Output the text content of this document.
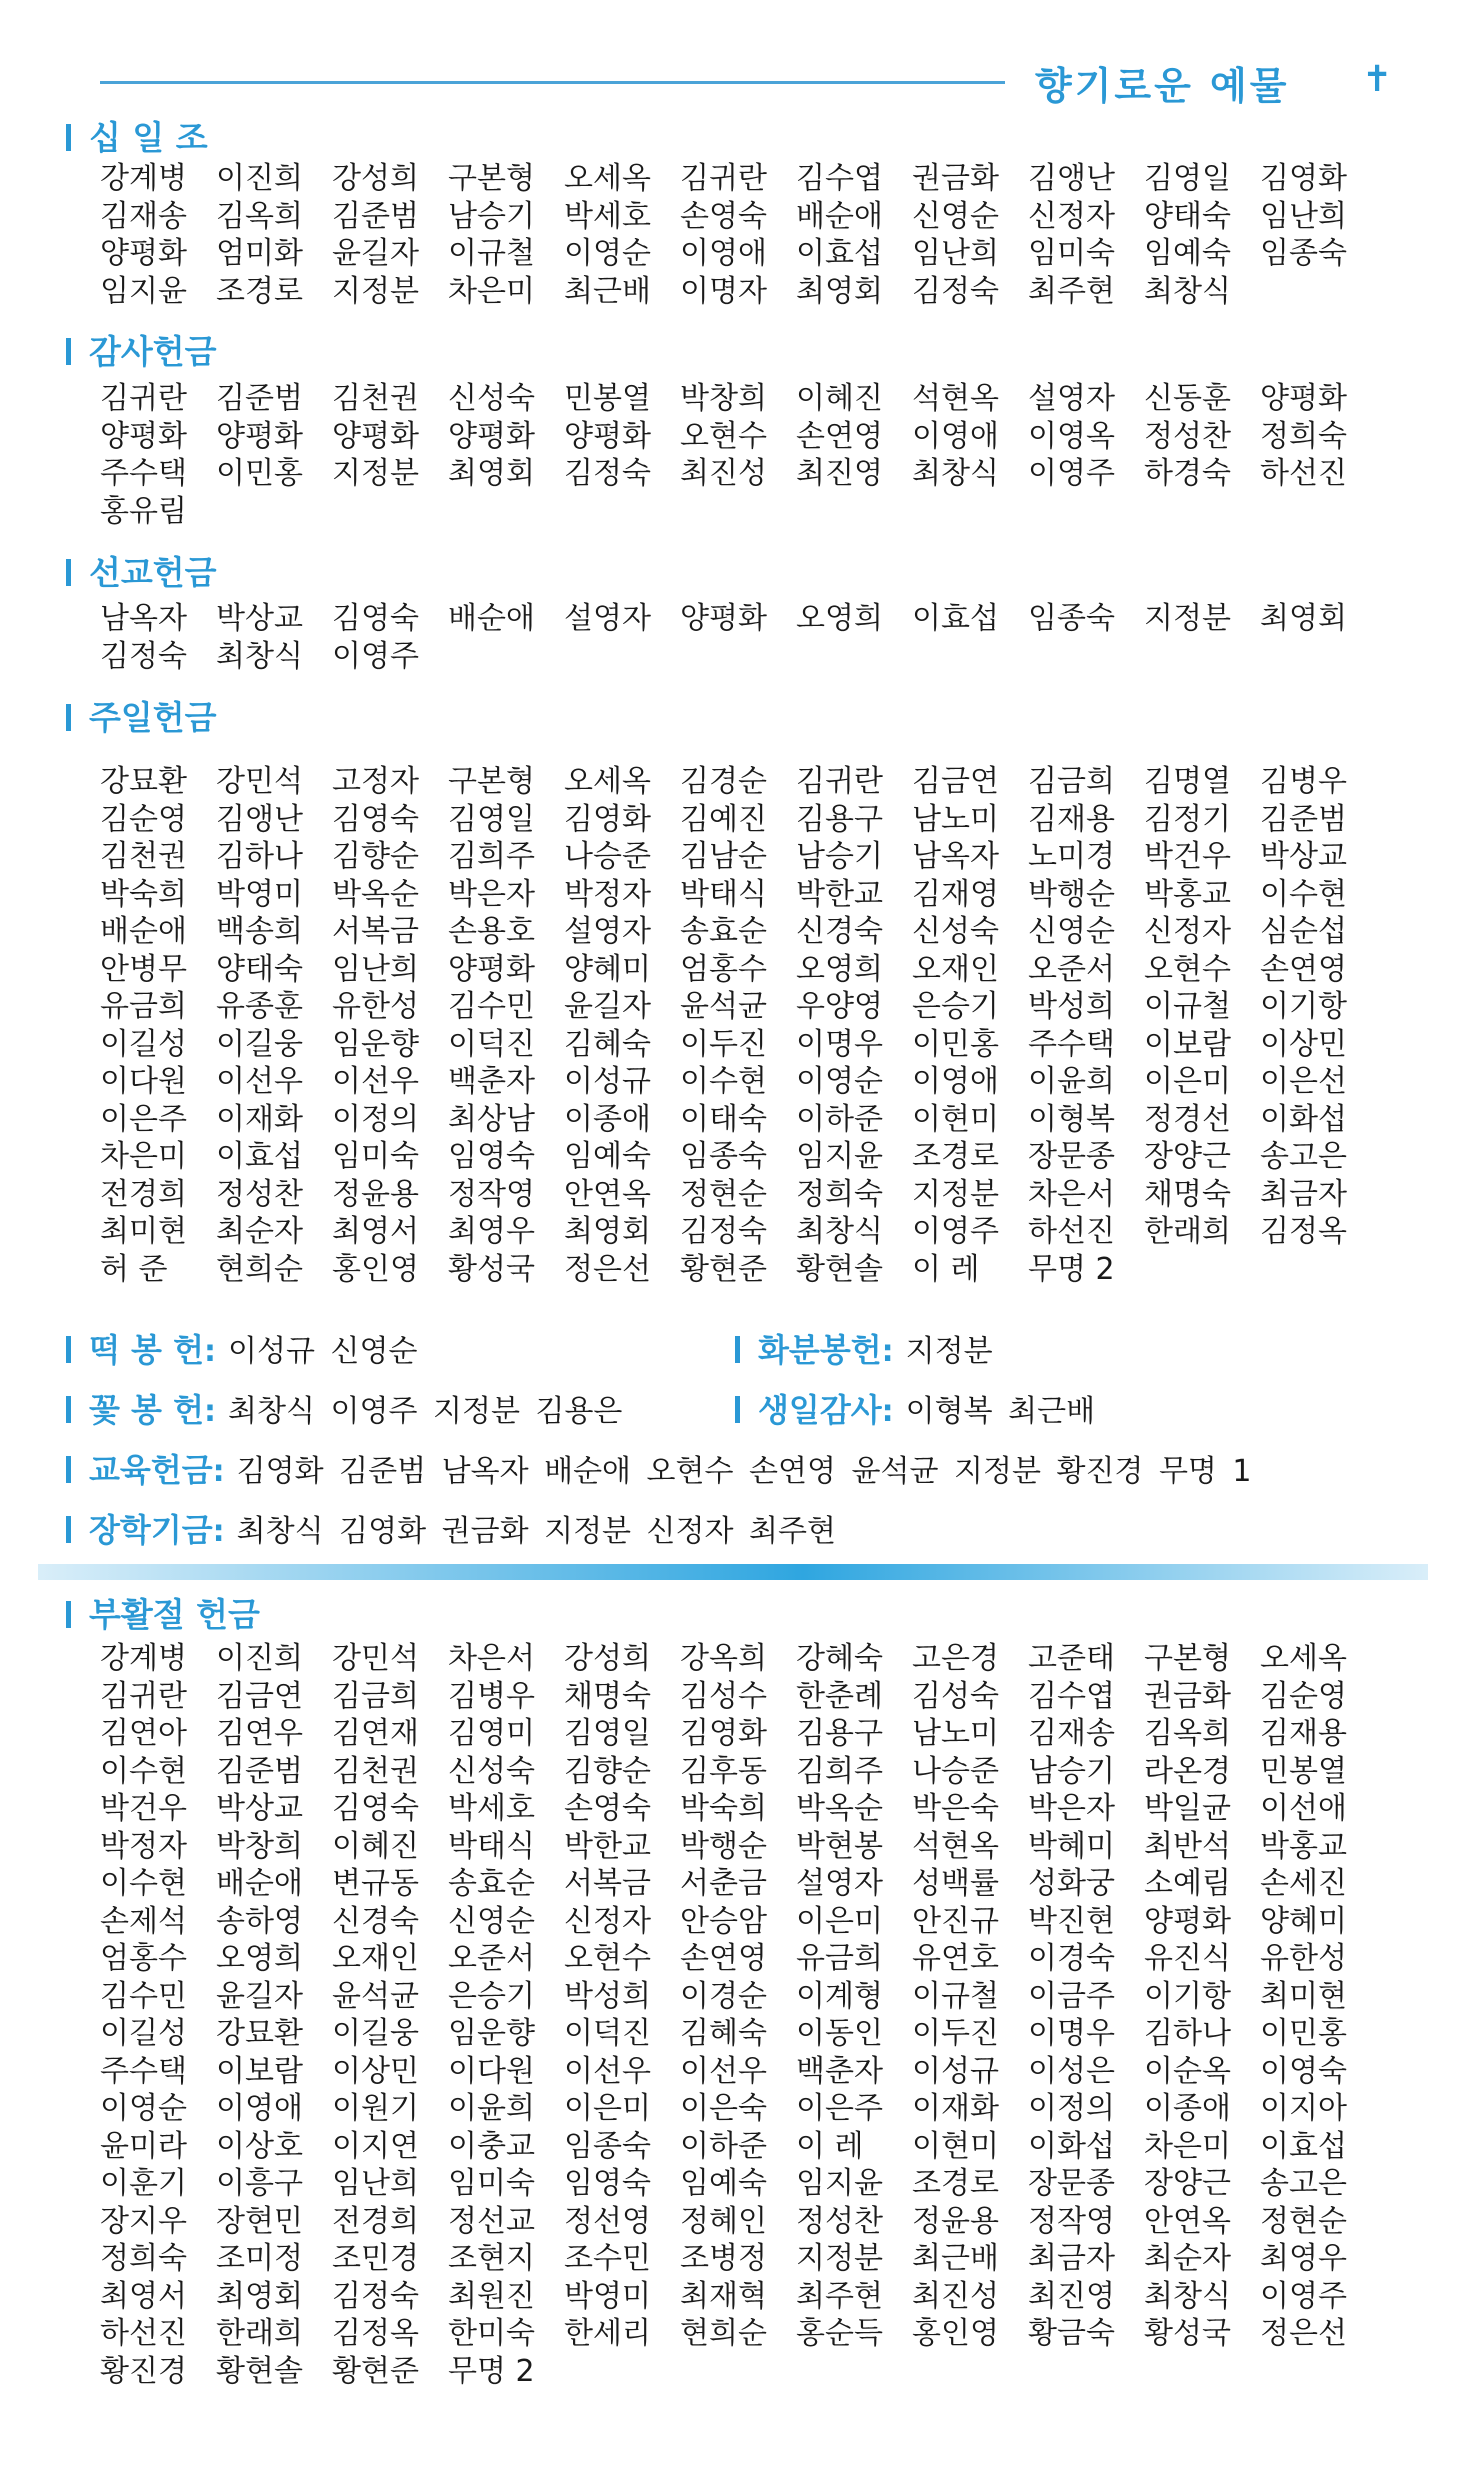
향기로운 예물 ✝
십 일 조
강계병 이진희 강성희 구본형 오세옥 김귀란 김수엽 권금화 김앵난 김영일 김영화
김재송 김옥희 김준범 남승기 박세호 손영숙 배순애 신영순 신정자 양태숙 임난희
양평화 엄미화 윤길자 이규철 이영순 이영애 이효섭 임난희 임미숙 임예숙 임종숙
임지윤 조경로 지정분 차은미 최근배 이명자 최영회 김정숙 최주현 최창식
감사헌금
김귀란 김준범 김천권 신성숙 민봉열 박창희 이혜진 석현옥 설영자 신동훈 양평화
양평화 양평화 양평화 양평화 양평화 오현수 손연영 이영애 이영옥 정성찬 정희숙
주수택 이민홍 지정분 최영회 김정숙 최진성 최진영 최창식 이영주 하경숙 하선진
홍유림
선교헌금
남옥자 박상교 김영숙 배순애 설영자 양평화 오영희 이효섭 임종숙 지정분 최영회
김정숙 최창식 이영주
주일헌금
강묘환 강민석 고정자 구본형 오세옥 김경순 김귀란 김금연 김금희 김명열 김병우
김순영 김앵난 김영숙 김영일 김영화 김예진 김용구 남노미 김재용 김정기 김준범
김천권 김하나 김향순 김희주 나승준 김남순 남승기 남옥자 노미경 박건우 박상교
박숙희 박영미 박옥순 박은자 박정자 박태식 박한교 김재영 박행순 박홍교 이수현
배순애 백송희 서복금 손용호 설영자 송효순 신경숙 신성숙 신영순 신정자 심순섭
안병무 양태숙 임난희 양평화 양혜미 엄홍수 오영희 오재인 오준서 오현수 손연영
유금희 유종훈 유한성 김수민 윤길자 윤석균 우양영 은승기 박성희 이규철 이기항
이길성 이길웅 임운향 이덕진 김혜숙 이두진 이명우 이민홍 주수택 이보람 이상민
이다원 이선우 이선우 백춘자 이성규 이수현 이영순 이영애 이윤희 이은미 이은선
이은주 이재화 이정의 최상남 이종애 이태숙 이하준 이현미 이형복 정경선 이화섭
차은미 이효섭 임미숙 임영숙 임예숙 임종숙 임지윤 조경로 장문종 장양근 송고은
전경희 정성찬 정윤용 정작영 안연옥 정현순 정희숙 지정분 차은서 채명숙 최금자
최미현 최순자 최영서 최영우 최영회 김정숙 최창식 이영주 하선진 한래희 김정옥
허 준	현희순 홍인영 황성국 정은선 황현준 황현솔 이 레	무명 2
떡 봉 헌: 이성규 신영순	화분봉헌: 지정분
꽃 봉 헌: 최창식 이영주 지정분 김용은	생일감사: 이형복 최근배
교육헌금: 김영화 김준범 남옥자 배순애 오현수 손연영 윤석균 지정분 황진경 무명 1
장학기금: 최창식 김영화 권금화 지정분 신정자 최주현
부활절 헌금
강계병 이진희 강민석 차은서 강성희 강옥희 강혜숙 고은경 고준태 구본형 오세옥
김귀란 김금연 김금희 김병우 채명숙 김성수 한춘례 김성숙 김수엽 권금화 김순영
김연아 김연우 김연재 김영미 김영일 김영화 김용구 남노미 김재송 김옥희 김재용
이수현 김준범 김천권 신성숙 김향순 김후동 김희주 나승준 남승기 라온경 민봉열
박건우 박상교 김영숙 박세호 손영숙 박숙희 박옥순 박은숙 박은자 박일균 이선애
박정자 박창희 이혜진 박태식 박한교 박행순 박현봉 석현옥 박혜미 최반석 박홍교
이수현 배순애 변규동 송효순 서복금 서춘금 설영자 성백률 성화궁 소예림 손세진
손제석 송하영 신경숙 신영순 신정자 안승암 이은미 안진규 박진현 양평화 양혜미
엄홍수 오영희 오재인 오준서 오현수 손연영 유금희 유연호 이경숙 유진식 유한성
김수민 윤길자 윤석균 은승기 박성희 이경순 이계형 이규철 이금주 이기항 최미현
이길성 강묘환 이길웅 임운향 이덕진 김혜숙 이동인 이두진 이명우 김하나 이민홍
주수택 이보람 이상민 이다원 이선우 이선우 백춘자 이성규 이성은 이순옥 이영숙
이영순 이영애 이원기 이윤희 이은미 이은숙 이은주 이재화 이정의 이종애 이지아
윤미라 이상호 이지연 이충교 임종숙 이하준 이 레	이현미 이화섭 차은미 이효섭
이훈기 이흥구 임난희 임미숙 임영숙 임예숙 임지윤 조경로 장문종 장양근 송고은
장지우 장현민 전경희 정선교 정선영 정혜인 정성찬 정윤용 정작영 안연옥 정현순
정희숙 조미정 조민경 조현지 조수민 조병정 지정분 최근배 최금자 최순자 최영우
최영서 최영회 김정숙 최원진 박영미 최재혁 최주현 최진성 최진영 최창식 이영주
하선진 한래희 김정옥 한미숙 한세리 현희순 홍순득 홍인영 황금숙 황성국 정은선
황진경 황현솔 황현준 무명 2
